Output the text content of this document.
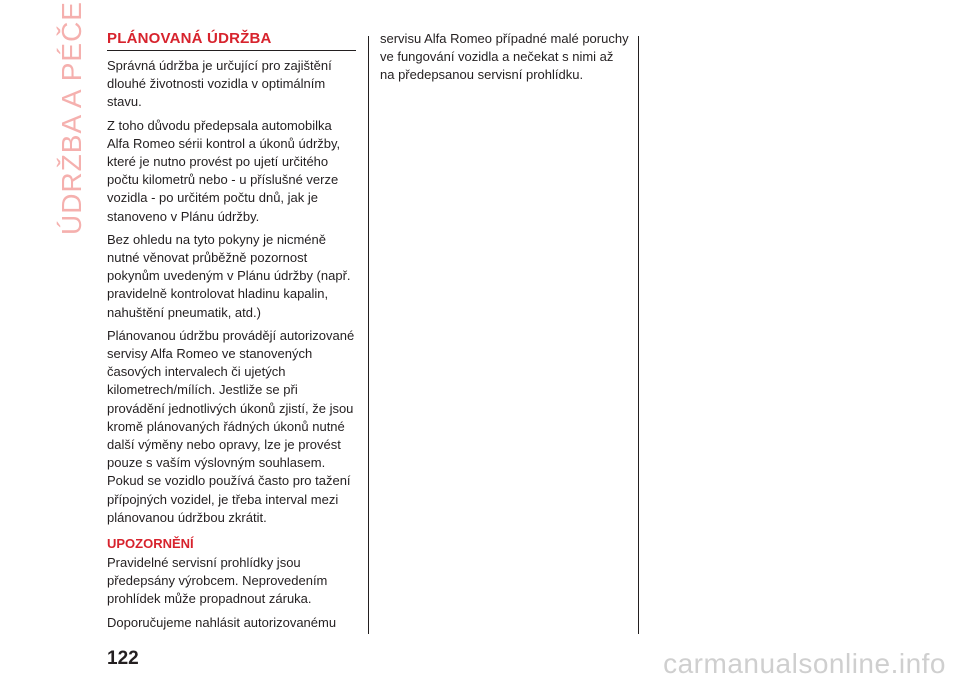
ÚDRŽBA A PÉČE PLÁNOVANÁ ÚDRŽBA

Správná údržba je určující pro zajištění dlouhé životnosti vozidla v optimálním stavu.

Z toho důvodu předepsala automobilka Alfa Romeo sérii kontrol a úkonů údržby, které je nutno provést po ujetí určitého počtu kilometrů nebo - u příslušné verze vozidla - po určitém počtu dnů, jak je stanoveno v Plánu údržby.

Bez ohledu na tyto pokyny je nicméně nutné věnovat průběžně pozornost pokynům uvedeným v Plánu údržby (např. pravidelně kontrolovat hladinu kapalin, nahuštění pneumatik, atd.)

Plánovanou údržbu provádějí autorizované servisy Alfa Romeo ve stanovených časových intervalech či ujetých kilometrech/mílích. Jestliže se při provádění jednotlivých úkonů zjistí, že jsou kromě plánovaných řádných úkonů nutné další výměny nebo opravy, lze je provést pouze s vaším výslovným souhlasem. Pokud se vozidlo používá často pro tažení přípojných vozidel, je třeba interval mezi plánovanou údržbou zkrátit.

UPOZORNĚNÍ

Pravidelné servisní prohlídky jsou předepsány výrobcem. Neprovedením prohlídek může propadnout záruka.

Doporučujeme nahlásit autorizovanému

servisu Alfa Romeo případné malé poruchy ve fungování vozidla a nečekat s nimi až na předepsanou servisní prohlídku.

122	carmanualsonline.info
